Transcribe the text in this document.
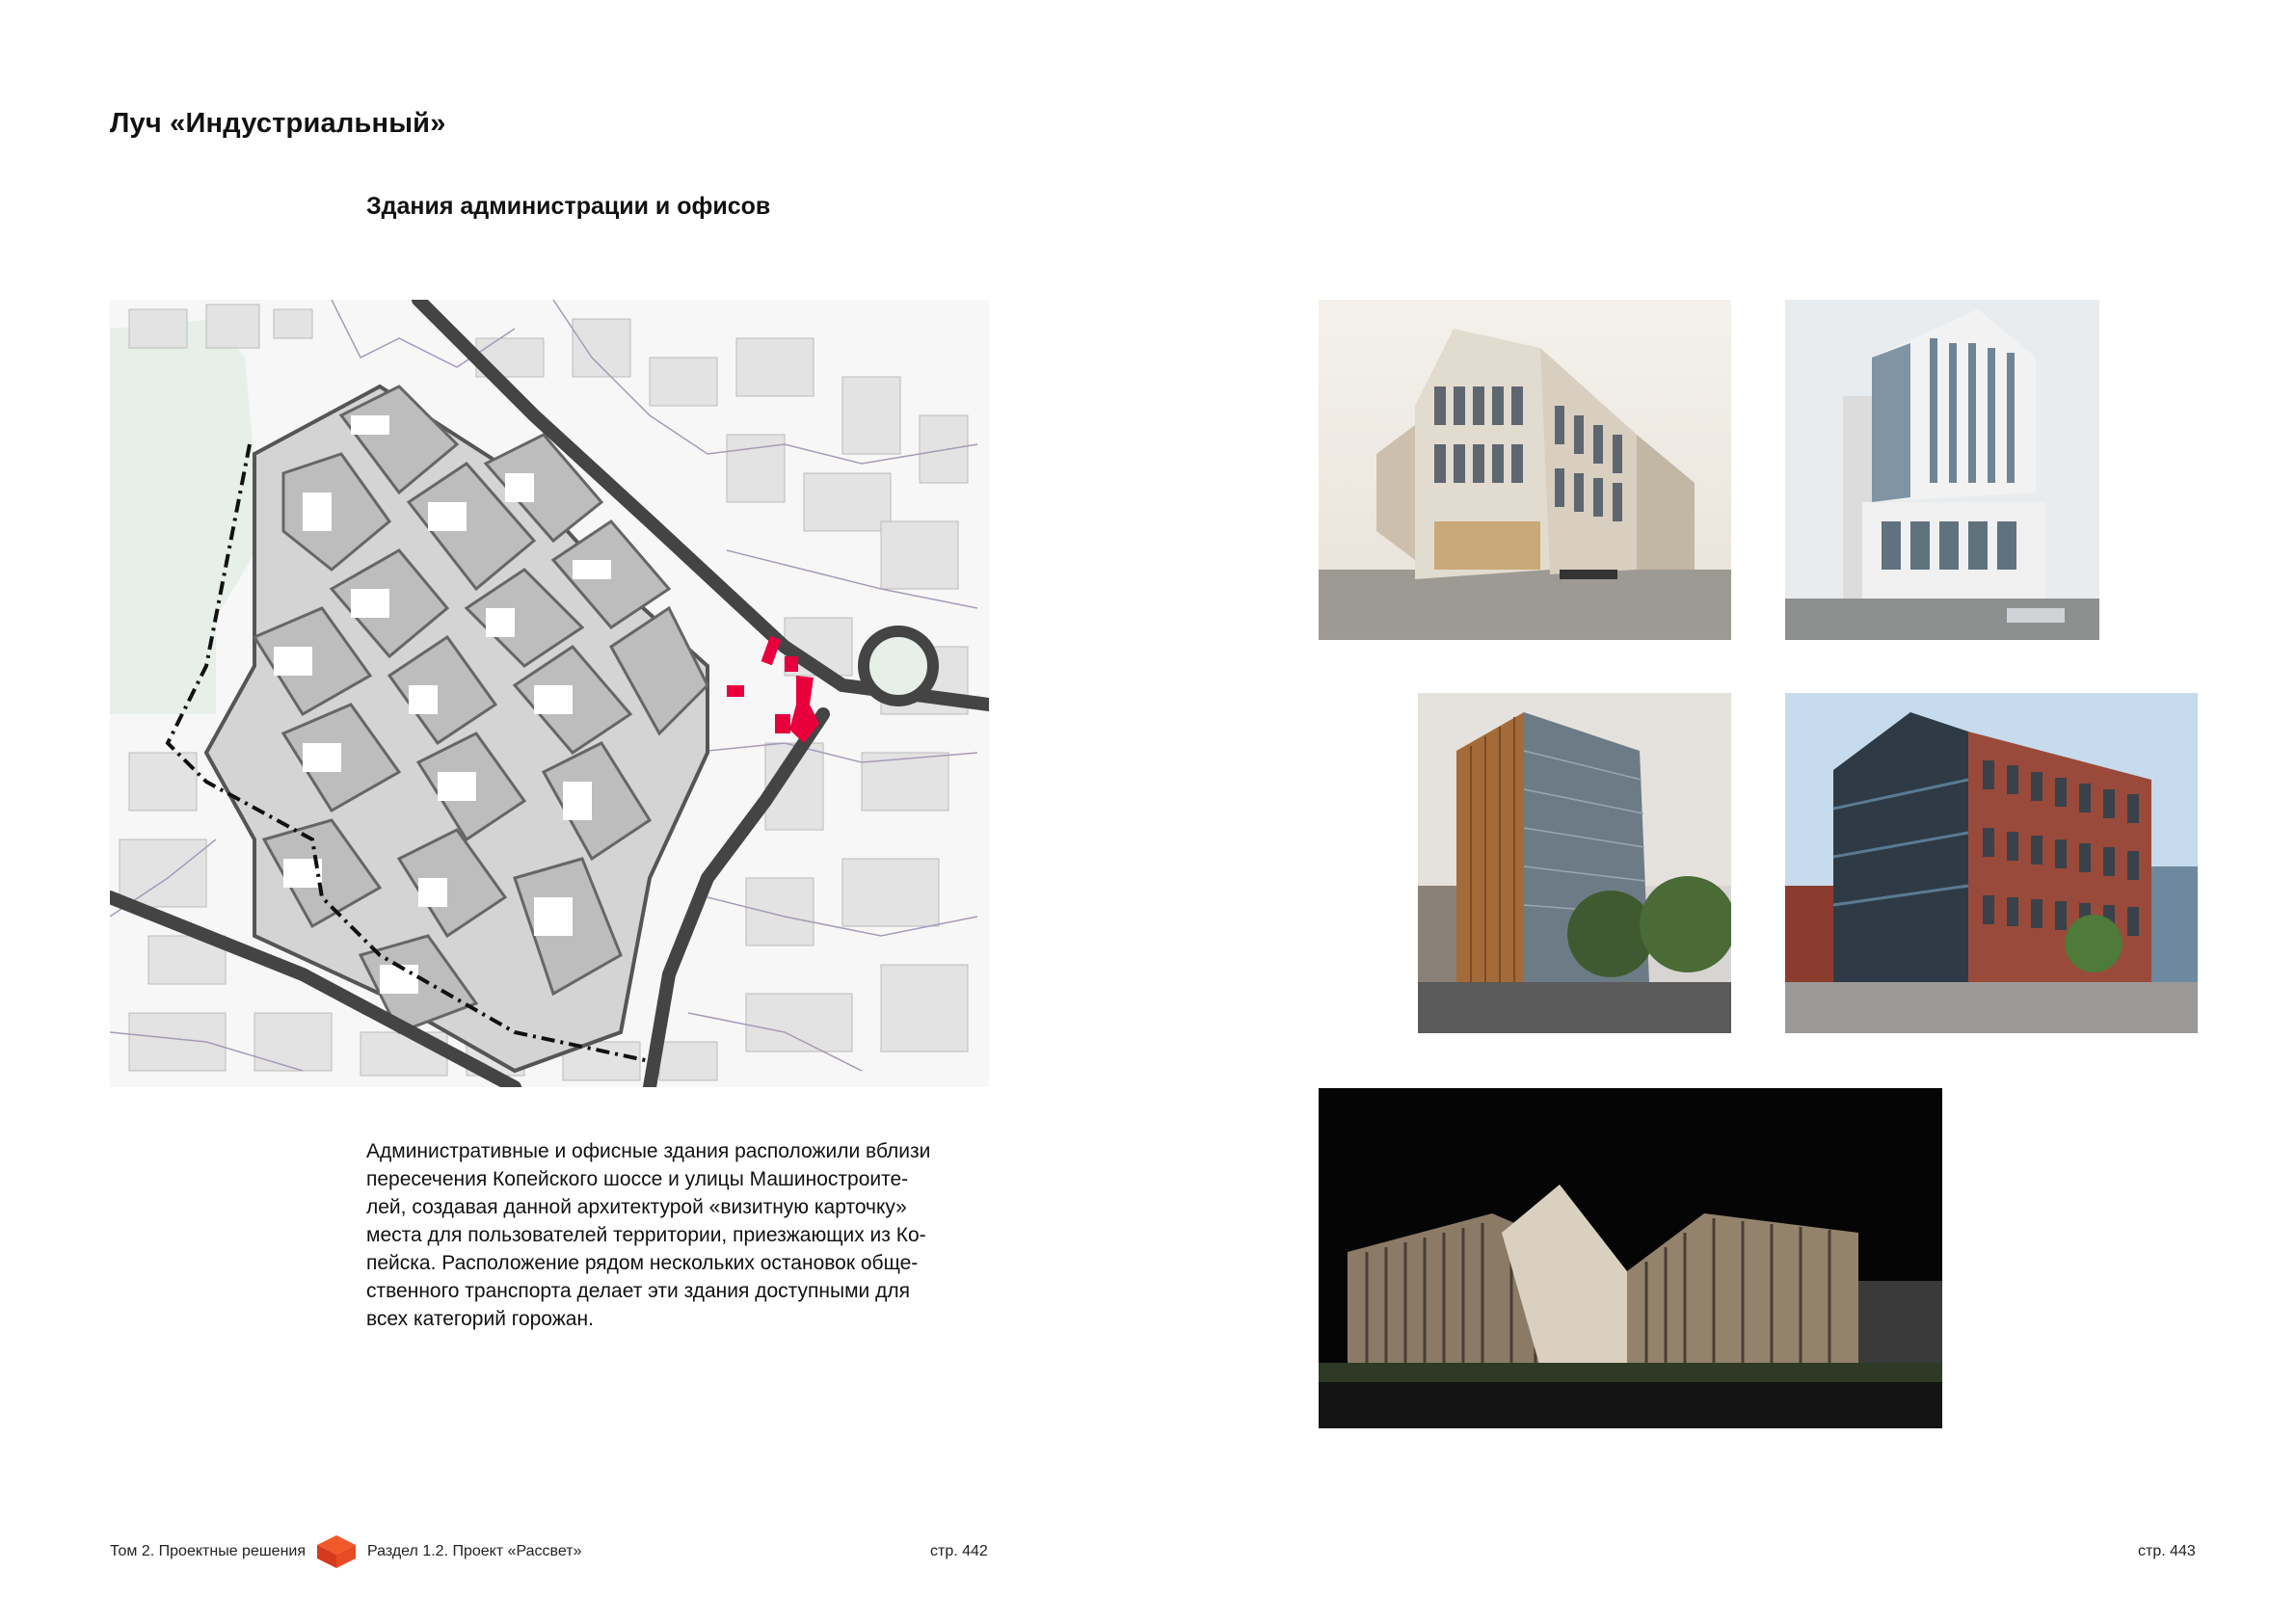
Луч «Индустриальный»
Здания администрации и офисов
Административные и офисные здания расположили вблизи
пересечения Копейского шоссе и улицы Машиностроите-
лей, создавая данной архитектурой «визитную карточку»
места для пользователей территории, приезжающих из Ко-
пейска. Расположение рядом нескольких остановок обще-
ственного транспорта делает эти здания доступными для
всех категорий горожан.
Том 2. Проектные решения	Раздел 1.2. Проект «Рассвет»	стр. 442	стр. 443
